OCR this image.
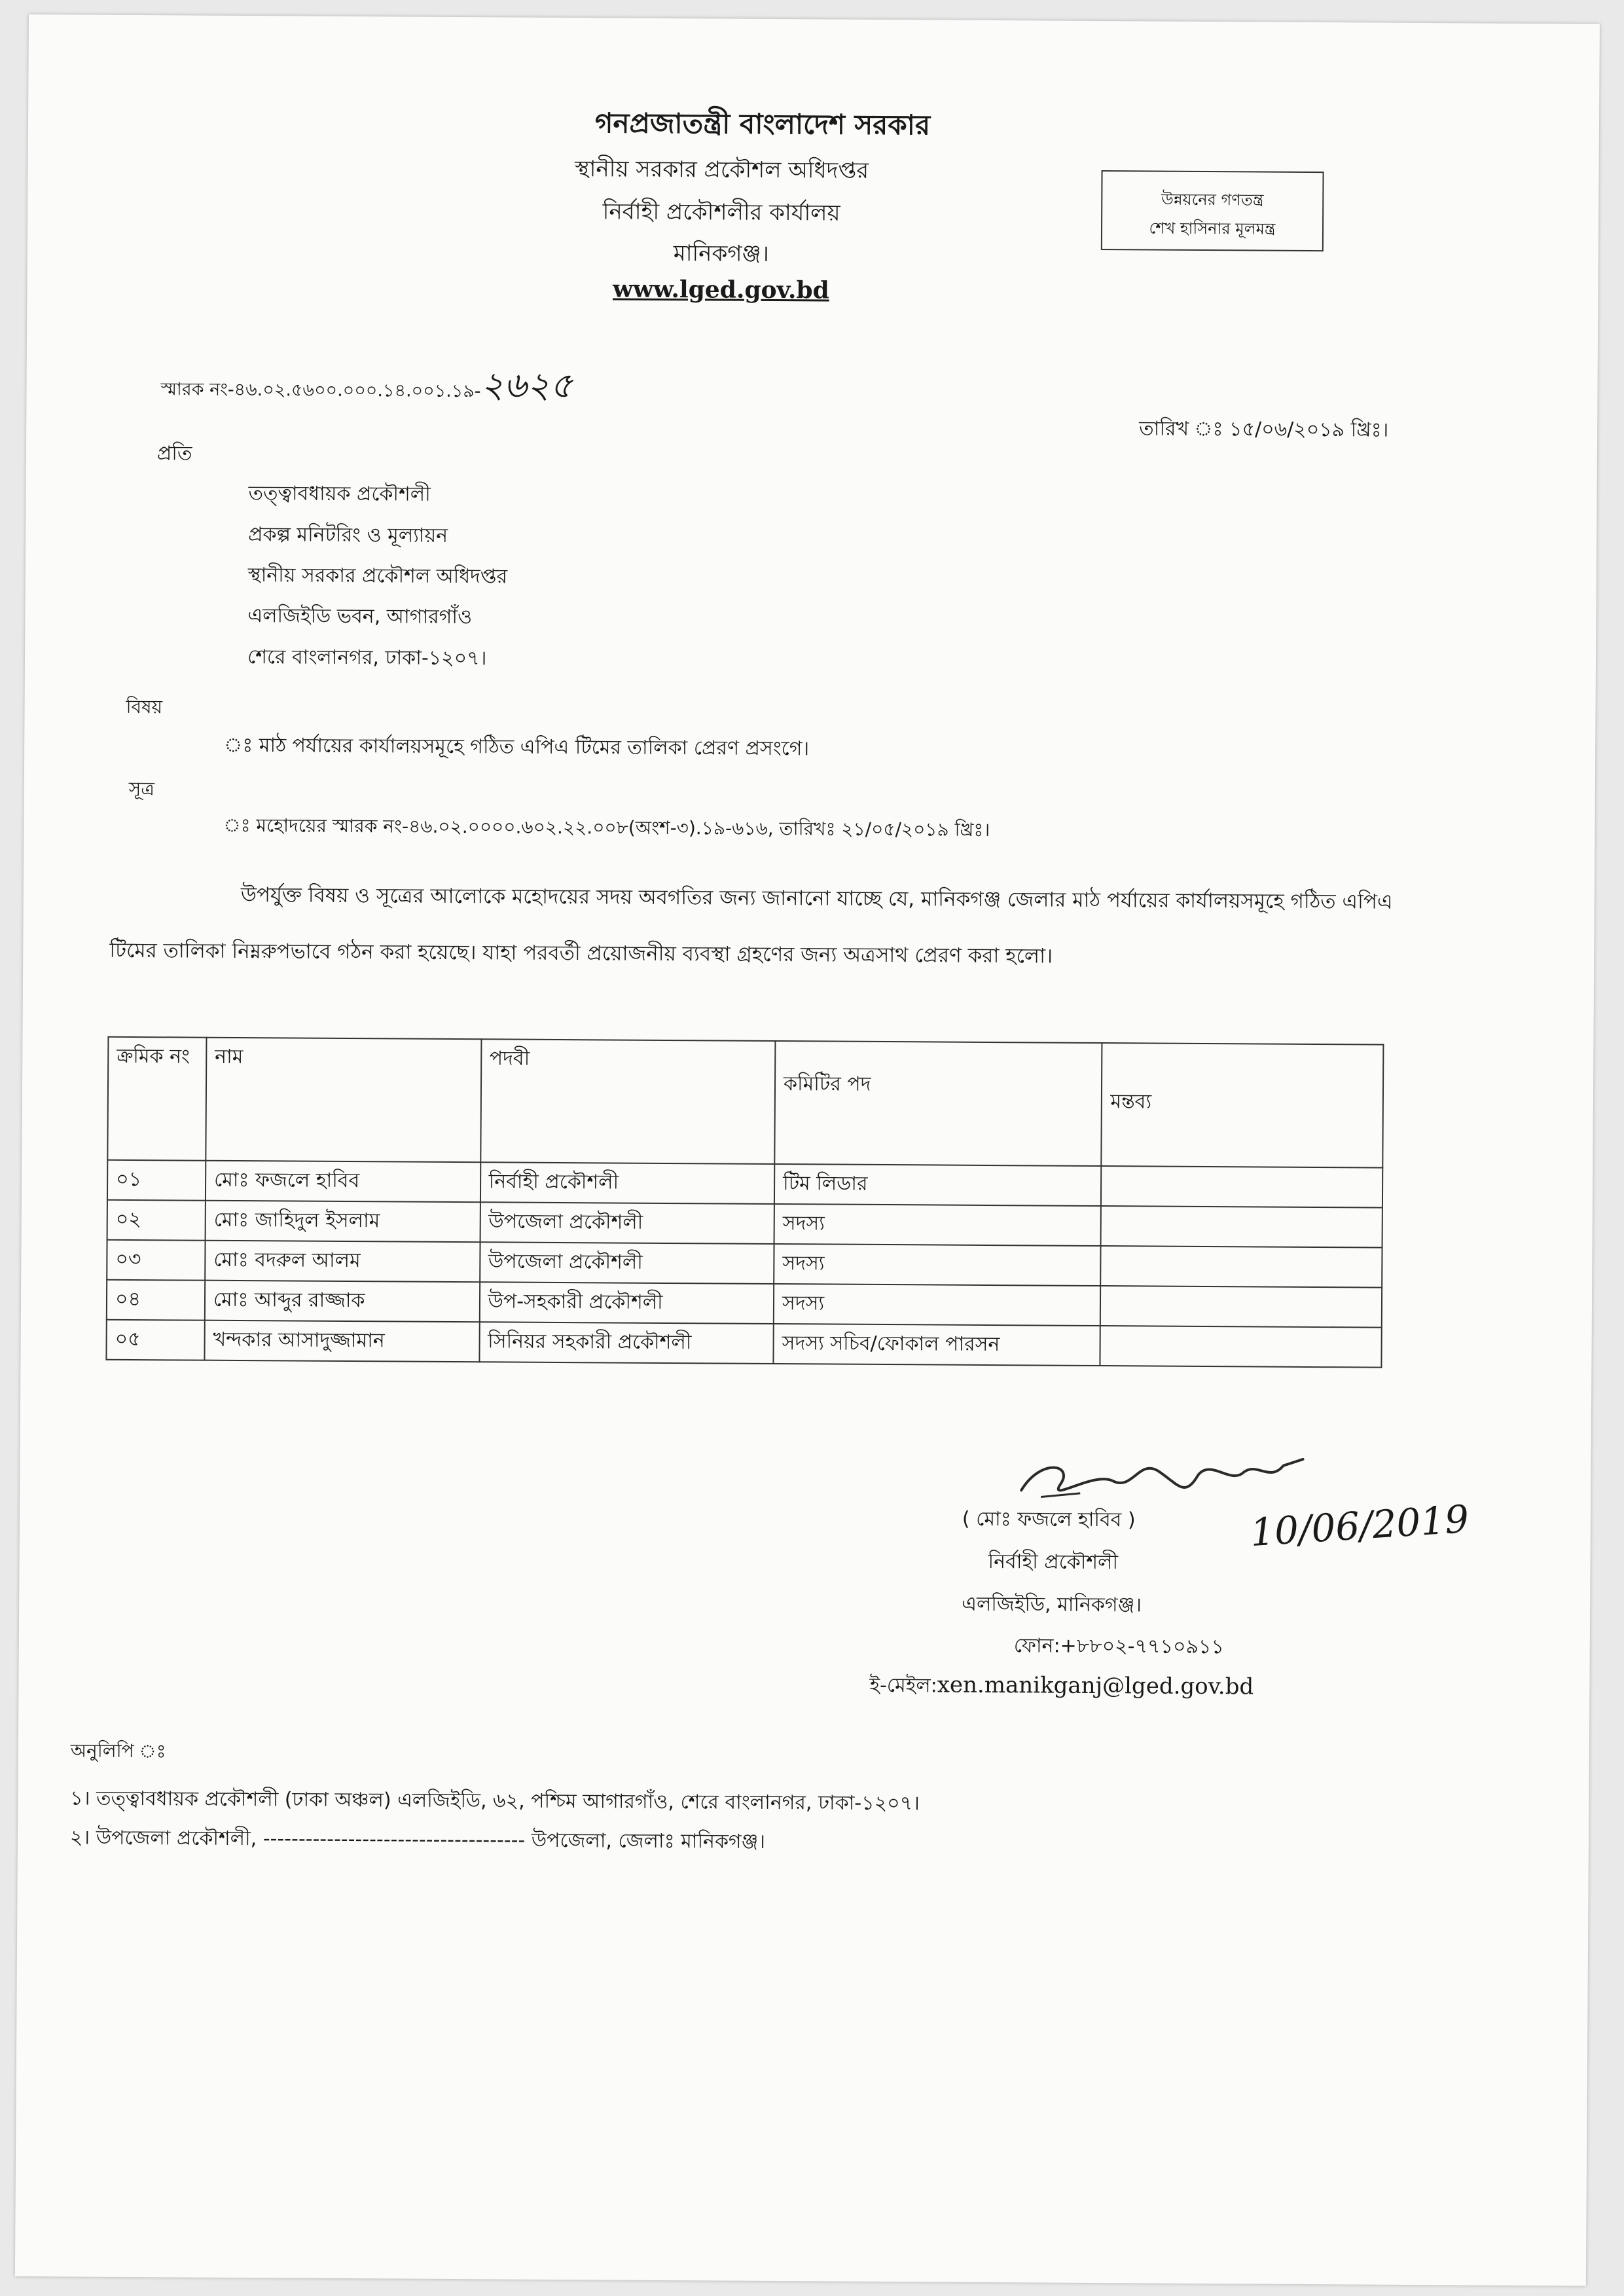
গনপ্রজাতন্ত্রী বাংলাদেশ সরকার
স্থানীয় সরকার প্রকৌশল অধিদপ্তর
নির্বাহী প্রকৌশলীর কার্যালয়
মানিকগঞ্জ।
www.lged.gov.bd
উন্নয়নের গণতন্ত্র
শেখ হাসিনার মূলমন্ত্র
স্মারক নং-৪৬.০২.৫৬০০.০০০.১৪.০০১.১৯-২৬২৫
তারিখ ঃ ১৫/০৬/২০১৯ খ্রিঃ।
প্রতি
তত্ত্বাবধায়ক প্রকৌশলী
প্রকল্প মনিটরিং ও মূল্যায়ন
স্থানীয় সরকার প্রকৌশল অধিদপ্তর
এলজিইডি ভবন, আগারগাঁও
শেরে বাংলানগর, ঢাকা-১২০৭।
বিষয়
ঃ মাঠ পর্যায়ের কার্যালয়সমূহে গঠিত এপিএ টিমের তালিকা প্রেরণ প্রসংগে।
সূত্র
ঃ মহোদয়ের স্মারক নং-৪৬.০২.০০০০.৬০২.২২.০০৮(অংশ-৩).১৯-৬১৬, তারিখঃ ২১/০৫/২০১৯ খ্রিঃ।
উপর্যুক্ত বিষয় ও সূত্রের আলোকে মহোদয়ের সদয় অবগতির জন্য জানানো যাচ্ছে যে, মানিকগঞ্জ জেলার মাঠ পর্যায়ের কার্যালয়সমূহে গঠিত এপিএ টিমের তালিকা নিম্নরুপভাবে গঠন করা হয়েছে। যাহা পরবর্তী প্রয়োজনীয় ব্যবস্থা গ্রহণের জন্য অত্রসাথ প্রেরণ করা হলো।
ক্রমিক নং	নাম	পদবী	কমিটির পদ	মন্তব্য
০১	মোঃ ফজলে হাবিব	নির্বাহী প্রকৌশলী	টিম লিডার	
০২	মোঃ জাহিদুল ইসলাম	উপজেলা প্রকৌশলী	সদস্য	
০৩	মোঃ বদরুল আলম	উপজেলা প্রকৌশলী	সদস্য	
০৪	মোঃ আব্দুর রাজ্জাক	উপ-সহকারী প্রকৌশলী	সদস্য	
০৫	খন্দকার আসাদুজ্জামান	সিনিয়র সহকারী প্রকৌশলী	সদস্য সচিব/ফোকাল পারসন	
( মোঃ ফজলে হাবিব )	10/06/2019
নির্বাহী প্রকৌশলী
এলজিইডি, মানিকগঞ্জ।
ফোন:+৮৮০২-৭৭১০৯১১
ই-মেইল:xen.manikganj@lged.gov.bd
অনুলিপি ঃ
১। তত্ত্বাবধায়ক প্রকৌশলী (ঢাকা অঞ্চল) এলজিইডি, ৬২, পশ্চিম আগারগাঁও, শেরে বাংলানগর, ঢাকা-১২০৭।
২। উপজেলা প্রকৌশলী, ------------------------------------- উপজেলা, জেলাঃ মানিকগঞ্জ।
